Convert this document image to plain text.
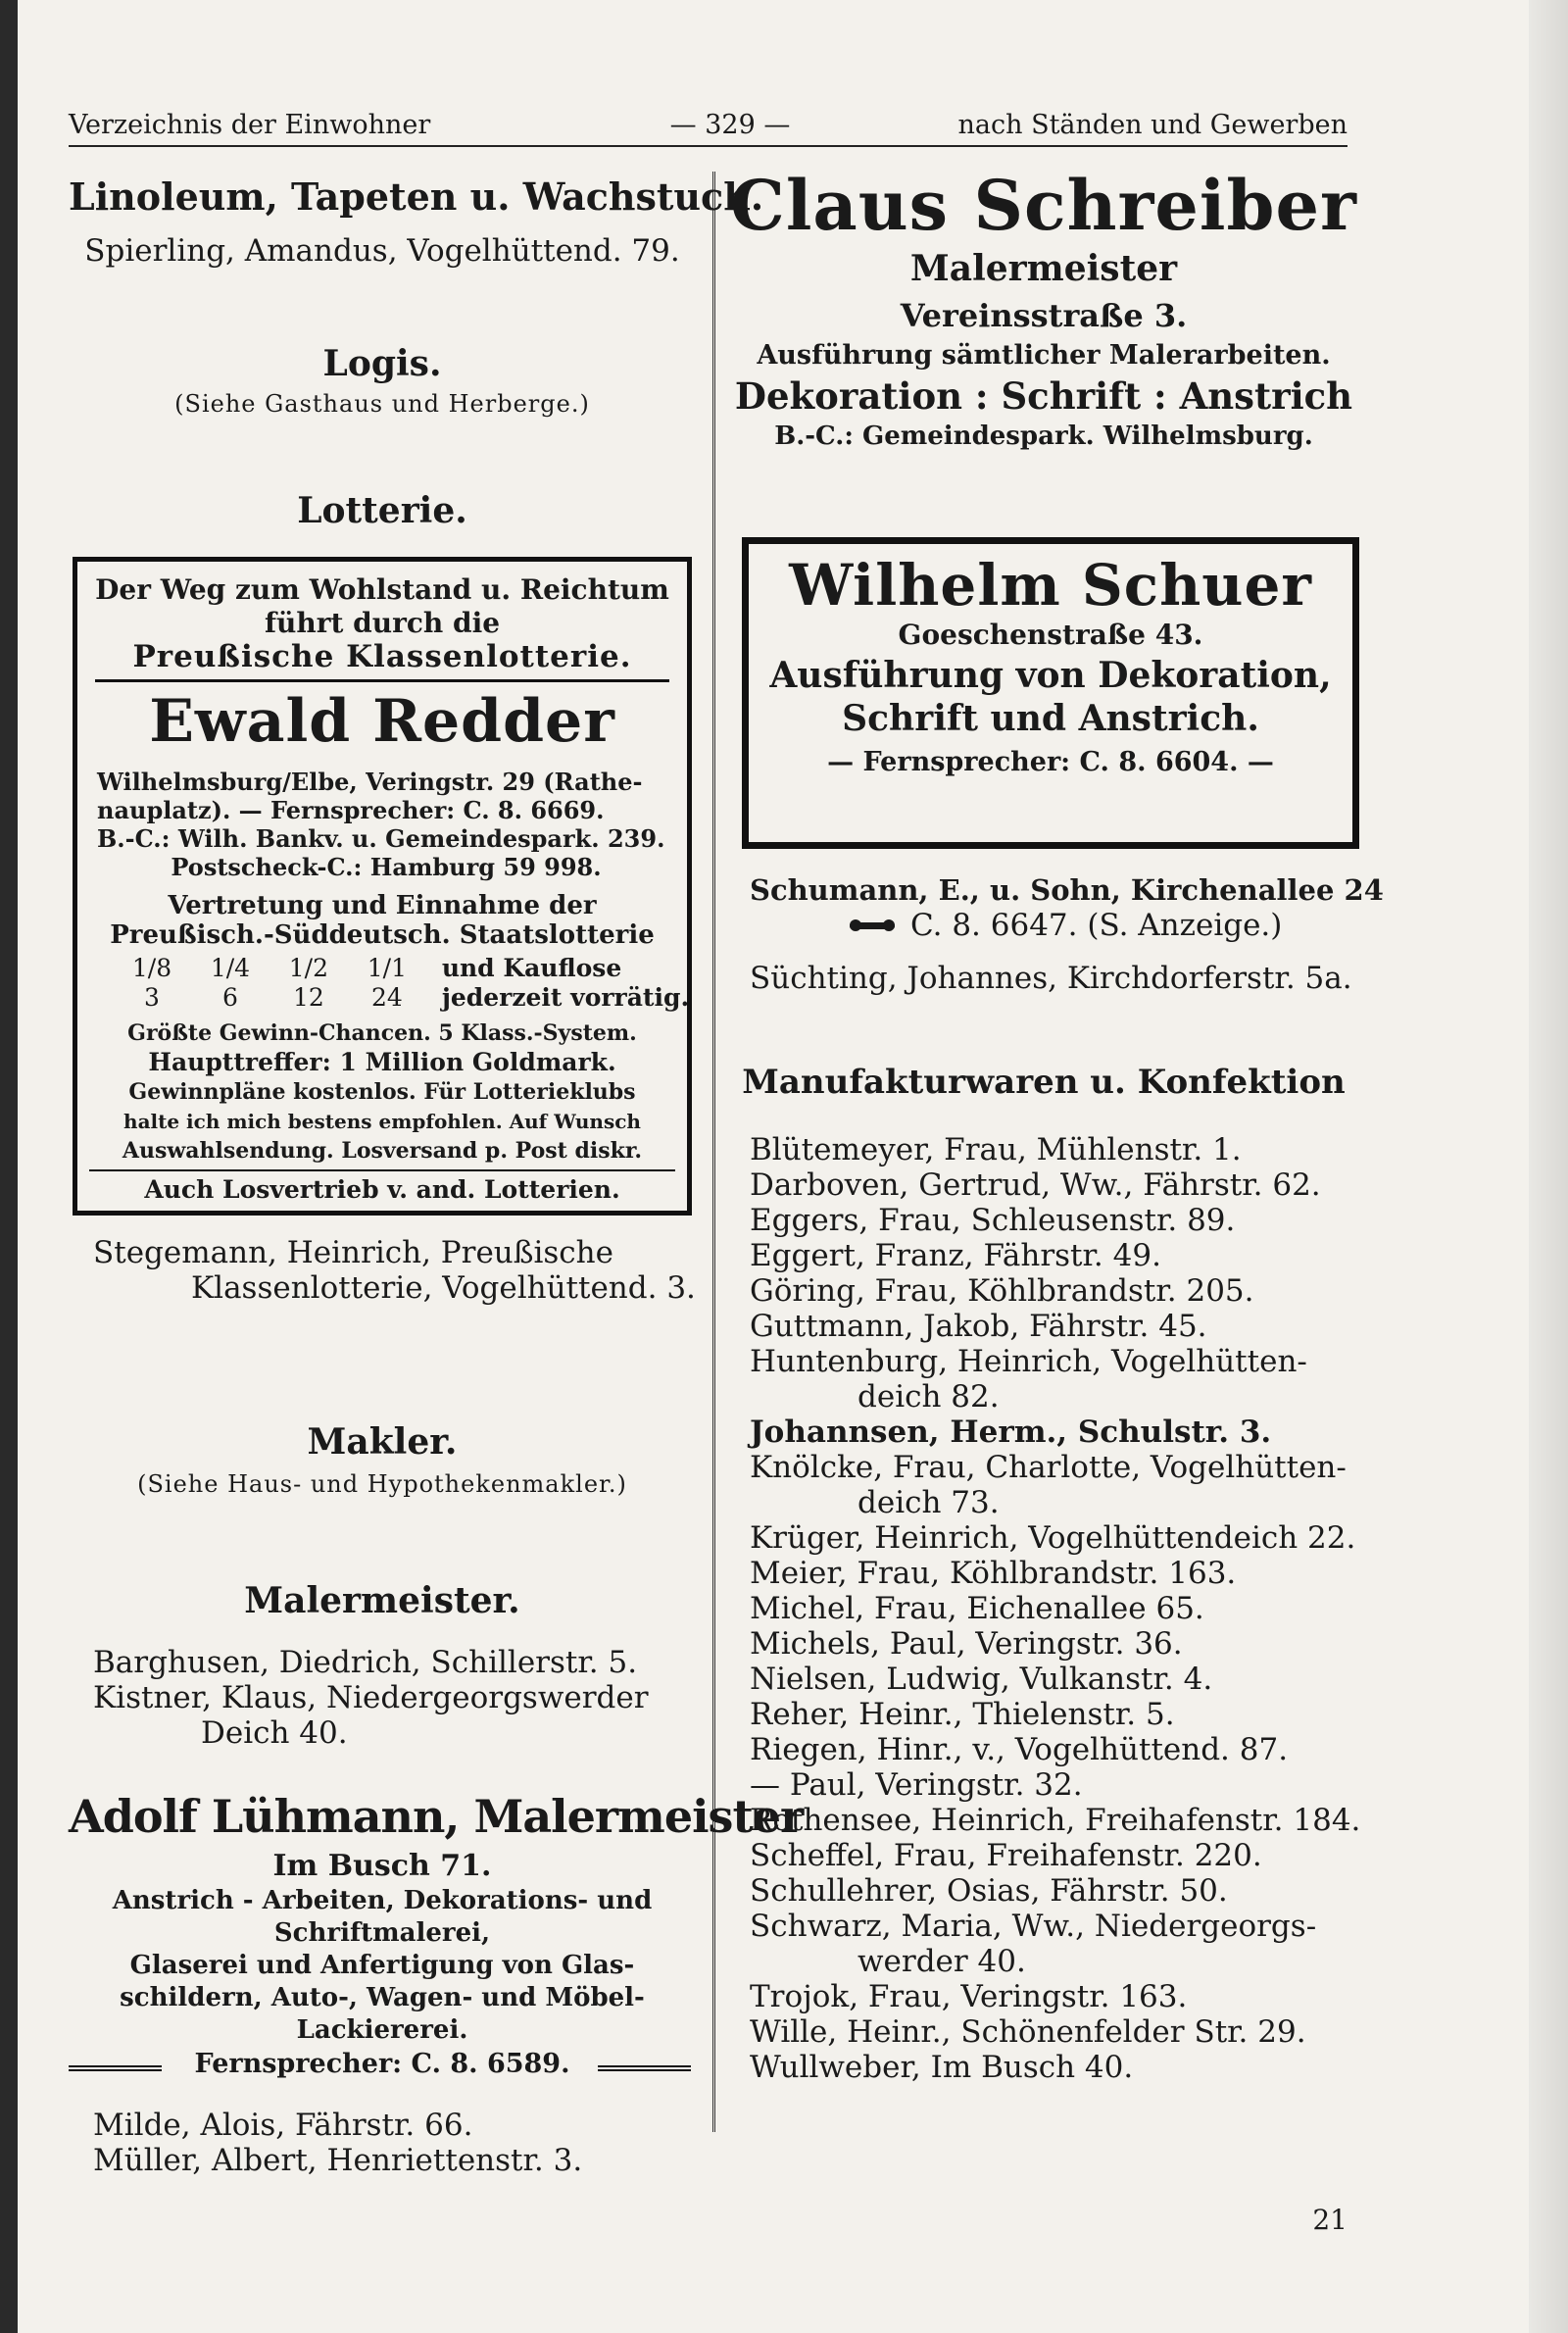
Verzeichnis der Einwohner	— 329 —	nach Ständen und Gewerben
Linoleum, Tapeten u. Wachstuch.
Spierling, Amandus, Vogelhüttend. 79.
Logis.
(Siehe Gasthaus und Herberge.)
Lotterie.
Der Weg zum Wohlstand u. Reichtum
führt durch die
Preußische Klassenlotterie.
Ewald Redder
Wilhelmsburg/Elbe, Veringstr. 29 (Rathe-
nauplatz). — Fernsprecher: C. 8. 6669.
B.-C.: Wilh. Bankv. u. Gemeindespark. 239.
Postscheck-C.: Hamburg 59 998.
Vertretung und Einnahme der
Preußisch.-Süddeutsch. Staatslotterie
1/8 1/4 1/2 1/1 und Kauflose
3	6 12 24 jederzeit vorrätig.
Größte Gewinn-Chancen. 5 Klass.-System.
Haupttreffer: 1 Million Goldmark.
Gewinnpläne kostenlos. Für Lotterieklubs
halte ich mich bestens empfohlen. Auf Wunsch
Auswahlsendung. Losversand p. Post diskr.
Auch Losvertrieb v. and. Lotterien.
Stegemann, Heinrich, Preußische
Klassenlotterie, Vogelhüttend. 3.
Makler.
(Siehe Haus- und Hypothekenmakler.)
Malermeister.
Barghusen, Diedrich, Schillerstr. 5.
Kistner, Klaus, Niedergeorgswerder
Deich 40.
Adolf Lühmann, Malermeister
Im Busch 71.
Anstrich - Arbeiten, Dekorations- und
Schriftmalerei,
Glaserei und Anfertigung von Glas-
schildern, Auto-, Wagen- und Möbel-
Lackiererei.
Fernsprecher: C. 8. 6589.
Milde, Alois, Fährstr. 66.
Müller, Albert, Henriettenstr. 3.
Claus Schreiber
Malermeister
Vereinsstraße 3.
Ausführung sämtlicher Malerarbeiten.
Dekoration : Schrift : Anstrich
B.-C.: Gemeindespark. Wilhelmsburg.
Wilhelm Schuer
Goeschenstraße 43.
Ausführung von Dekoration,
Schrift und Anstrich.
— Fernsprecher: C. 8. 6604. —
Schumann, E., u. Sohn, Kirchenallee 24
C. 8. 6647. (S. Anzeige.)
Süchting, Johannes, Kirchdorferstr. 5a.
Manufakturwaren u. Konfektion
Blütemeyer, Frau, Mühlenstr. 1.
Darboven, Gertrud, Ww., Fährstr. 62.
Eggers, Frau, Schleusenstr. 89.
Eggert, Franz, Fährstr. 49.
Göring, Frau, Köhlbrandstr. 205.
Guttmann, Jakob, Fährstr. 45.
Huntenburg, Heinrich, Vogelhütten-
deich 82.
Johannsen, Herm., Schulstr. 3.
Knölcke, Frau, Charlotte, Vogelhütten-
deich 73.
Krüger, Heinrich, Vogelhüttendeich 22.
Meier, Frau, Köhlbrandstr. 163.
Michel, Frau, Eichenallee 65.
Michels, Paul, Veringstr. 36.
Nielsen, Ludwig, Vulkanstr. 4.
Reher, Heinr., Thielenstr. 5.
Riegen, Hinr., v., Vogelhüttend. 87.
— Paul, Veringstr. 32.
Rothensee, Heinrich, Freihafenstr. 184.
Scheffel, Frau, Freihafenstr. 220.
Schullehrer, Osias, Fährstr. 50.
Schwarz, Maria, Ww., Niedergeorgs-
werder 40.
Trojok, Frau, Veringstr. 163.
Wille, Heinr., Schönenfelder Str. 29.
Wullweber, Im Busch 40.
21
